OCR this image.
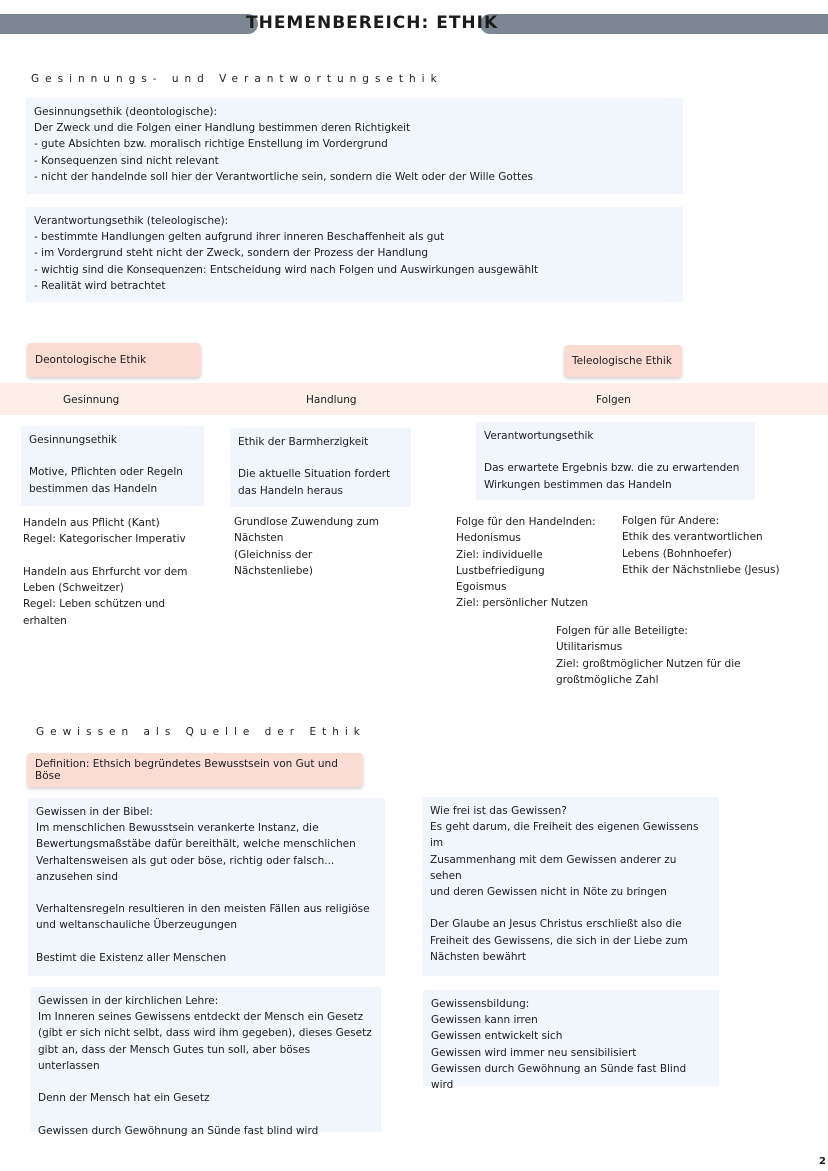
THEMENBEREICH: ETHIK
Gesinnungs- und Verantwortungsethik
Gesinnungsethik (deontologische):
Der Zweck und die Folgen einer Handlung bestimmen deren Richtigkeit
- gute Absichten bzw. moralisch richtige Enstellung im Vordergrund
- Konsequenzen sind nicht relevant
- nicht der handelnde soll hier der Verantwortliche sein, sondern die Welt oder der Wille Gottes
Verantwortungsethik (teleologische):
- bestimmte Handlungen gelten aufgrund ihrer inneren Beschaffenheit als gut
- im Vordergrund steht nicht der Zweck, sondern der Prozess der Handlung
- wichtig sind die Konsequenzen: Entscheidung wird nach Folgen und Auswirkungen ausgewählt
- Realität wird betrachtet
Deontologische Ethik	Teleologische Ethik
Gesinnung	Handlung	Folgen
Gesinnungsethik
Motive, Pflichten oder Regeln
bestimmen das Handeln
Ethik der Barmherzigkeit
Die aktuelle Situation fordert
das Handeln heraus
Verantwortungsethik
Das erwartete Ergebnis bzw. die zu erwartenden
Wirkungen bestimmen das Handeln
Handeln aus Pflicht (Kant)
Regel: Kategorischer Imperativ
Handeln aus Ehrfurcht vor dem
Leben (Schweitzer)
Regel: Leben schützen und
erhalten
Grundlose Zuwendung zum
Nächsten
(Gleichniss der
Nächstenliebe)
Folge für den Handelnden:
Hedonismus
Ziel: individuelle
Lustbefriedigung
Egoismus
Ziel: persönlicher Nutzen
Folgen für Andere:
Ethik des verantwortlichen
Lebens (Bohnhoefer)
Ethik der Nächstnliebe (Jesus)
Folgen für alle Beteiligte:
Utilitarismus
Ziel: großtmöglicher Nutzen für die
großtmögliche Zahl
Gewissen als Quelle der Ethik
Definition: Ethsich begründetes Bewusstsein von Gut und Böse
Gewissen in der Bibel:
Im menschlichen Bewusstsein verankerte Instanz, die
Bewertungsmaßstäbe dafür bereithält, welche menschlichen
Verhaltensweisen als gut oder böse, richtig oder falsch...
anzusehen sind
Verhaltensregeln resultieren in den meisten Fällen aus religiöse
und weltanschauliche Überzeugungen
Bestimt die Existenz aller Menschen
Wie frei ist das Gewissen?
Es geht darum, die Freiheit des eigenen Gewissens im
Zusammenhang mit dem Gewissen anderer zu sehen
und deren Gewissen nicht in Nöte zu bringen
Der Glaube an Jesus Christus erschließt also die
Freiheit des Gewissens, die sich in der Liebe zum
Nächsten bewährt
Gewissen in der kirchlichen Lehre:
Im Inneren seines Gewissens entdeckt der Mensch ein Gesetz
(gibt er sich nicht selbt, dass wird ihm gegeben), dieses Gesetz
gibt an, dass der Mensch Gutes tun soll, aber böses unterlassen
Denn der Mensch hat ein Gesetz
Gewissen durch Gewöhnung an Sünde fast blind wird
Gewissensbildung:
Gewissen kann irren
Gewissen entwickelt sich
Gewissen wird immer neu sensibilisiert
Gewissen durch Gewöhnung an Sünde fast Blind wird
2
